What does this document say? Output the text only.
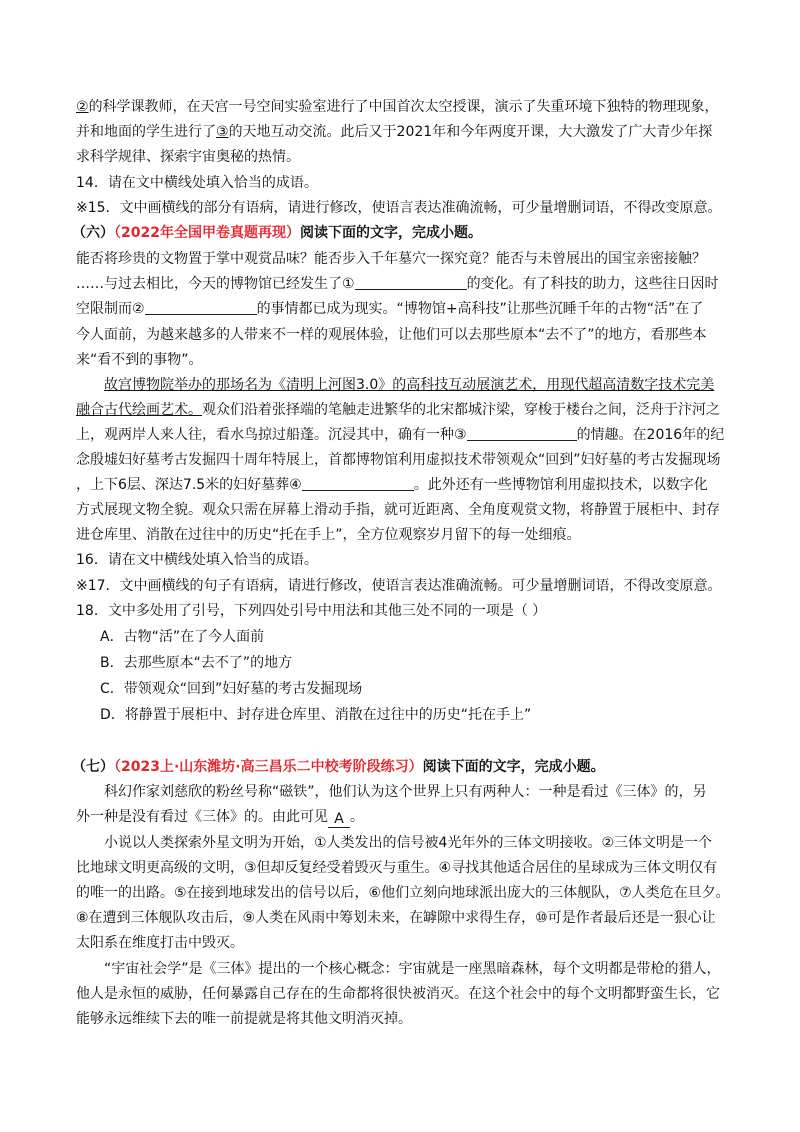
②的科学课教师，在天宫一号空间实验室进行了中国首次太空授课，演示了失重环境下独特的物理现象，
并和地面的学生进行了③的天地互动交流。此后又于2021年和今年两度开课，大大激发了广大青少年探
求科学规律、探索宇宙奥秘的热情。
14．请在文中横线处填入恰当的成语。
※15．文中画横线的部分有语病，请进行修改，使语言表达准确流畅，可少量增删词语，不得改变原意。
（六）（2022年全国甲卷真题再现）阅读下面的文字，完成小题。
能否将珍贵的文物置于掌中观赏品味？能否步入千年墓穴一探究竟？能否与未曾展出的国宝亲密接触？
……与过去相比，今天的博物馆已经发生了①	的变化。有了科技的助力，这些往日因时
空限制而②	的事情都已成为现实。“博物馆+高科技”让那些沉睡千年的古物“活”在了
今人面前，为越来越多的人带来不一样的观展体验，让他们可以去那些原本“去不了”的地方，看那些本
来“看不到的事物”。
故宫博物院举办的那场名为《清明上河图3.0》的高科技互动展演艺术，用现代超高清数字技术完美
融合古代绘画艺术。观众们沿着张择端的笔触走进繁华的北宋都城汴梁，穿梭于楼台之间，泛舟于汴河之
上，观两岸人来人往，看水鸟掠过船蓬。沉浸其中，确有一种③	的情趣。在2016年的纪
念殷墟妇好墓考古发掘四十周年特展上，首都博物馆利用虚拟技术带领观众“回到”妇好墓的考古发掘现场
，上下6层、深达7.5米的妇好墓葬④	。此外还有一些博物馆利用虚拟技术，以数字化
方式展现文物全貌。观众只需在屏幕上滑动手指，就可近距离、全角度观赏文物，将静置于展柜中、封存
进仓库里、消散在过往中的历史“托在手上”，全方位观察岁月留下的每一处细痕。
16．请在文中横线处填入恰当的成语。
※17．文中画横线的句子有语病，请进行修改，使语言表达准确流畅。可少量增删词语，不得改变原意。
18．文中多处用了引号，下列四处引号中用法和其他三处不同的一项是（ ）
A．古物“活”在了今人面前
B．去那些原本“去不了”的地方
C．带领观众“回到”妇好墓的考古发掘现场
D．将静置于展柜中、封存进仓库里、消散在过往中的历史“托在手上”
（七）（2023上·山东潍坊·高三昌乐二中校考阶段练习）阅读下面的文字，完成小题。
科幻作家刘慈欣的粉丝号称“磁铁”，他们认为这个世界上只有两种人：一种是看过《三体》的，另
外一种是没有看过《三体》的。由此可见 A 。
小说以人类探索外星文明为开始，①人类发出的信号被4光年外的三体文明接收。②三体文明是一个
比地球文明更高级的文明，③但却反复经受着毁灭与重生。④寻找其他适合居住的星球成为三体文明仅有
的唯一的出路。⑤在接到地球发出的信号以后，⑥他们立刻向地球派出庞大的三体舰队，⑦人类危在旦夕。
⑧在遭到三体舰队攻击后，⑨人类在风雨中筹划未来，在罅隙中求得生存，⑩可是作者最后还是一狠心让
太阳系在维度打击中毁灭。
“宇宙社会学”是《三体》提出的一个核心概念：宇宙就是一座黑暗森林，每个文明都是带枪的猎人，
他人是永恒的威胁，任何暴露自己存在的生命都将很快被消灭。在这个社会中的每个文明都野蛮生长，它
能够永远维续下去的唯一前提就是将其他文明消灭掉。
